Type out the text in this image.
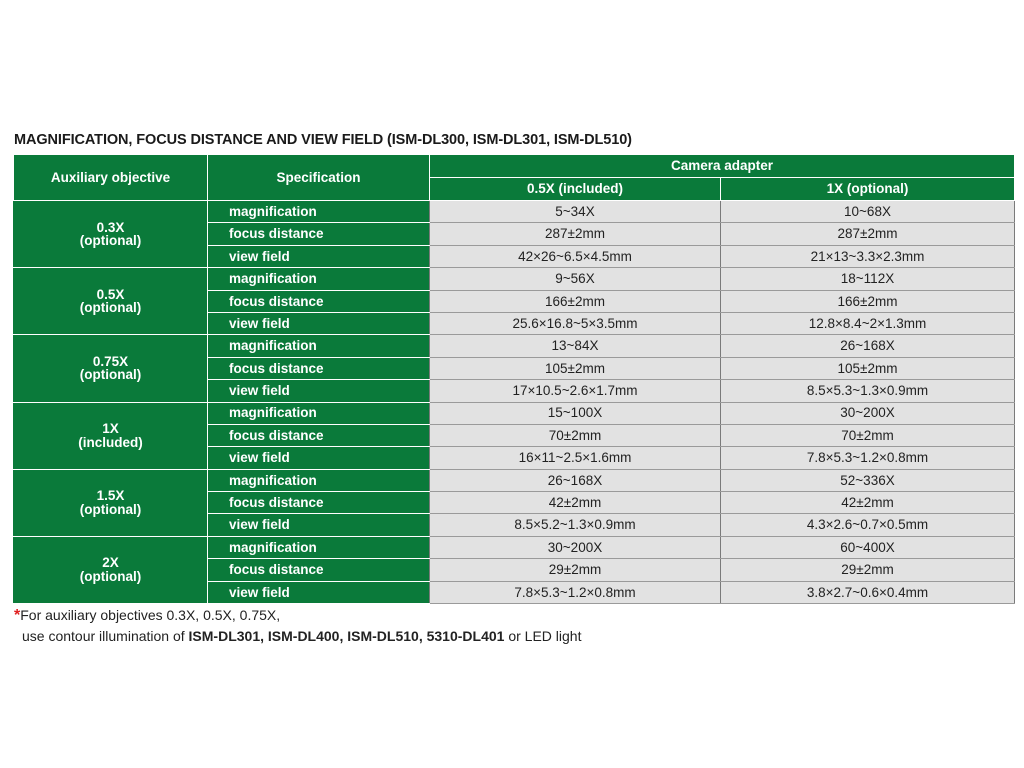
MAGNIFICATION, FOCUS DISTANCE AND VIEW FIELD (ISM-DL300, ISM-DL301, ISM-DL510)
Auxiliary objective	Specification	Camera adapter	
		0.5X (included)	1X (optional)

0.3X
(optional)	magnification	5~34X	10~68X
	focus distance	287±2mm	287±2mm
	view field	42×26~6.5×4.5mm	21×13~3.3×2.3mm

0.5X
(optional)	magnification	9~56X	18~112X
	focus distance	166±2mm	166±2mm
	view field	25.6×16.8~5×3.5mm	12.8×8.4~2×1.3mm

0.75X
(optional)	magnification	13~84X	26~168X
	focus distance	105±2mm	105±2mm
	view field	17×10.5~2.6×1.7mm	8.5×5.3~1.3×0.9mm

1X
(included)	magnification	15~100X	30~200X
	focus distance	70±2mm	70±2mm
	view field	16×11~2.5×1.6mm	7.8×5.3~1.2×0.8mm

1.5X
(optional)	magnification	26~168X	52~336X
	focus distance	42±2mm	42±2mm
	view field	8.5×5.2~1.3×0.9mm	4.3×2.6~0.7×0.5mm

2X
(optional)	magnification	30~200X	60~400X
	focus distance	29±2mm	29±2mm
	view field	7.8×5.3~1.2×0.8mm	3.8×2.7~0.6×0.4mm
*For auxiliary objectives 0.3X, 0.5X, 0.75X,
use contour illumination of ISM-DL301, ISM-DL400, ISM-DL510, 5310-DL401 or LED light
